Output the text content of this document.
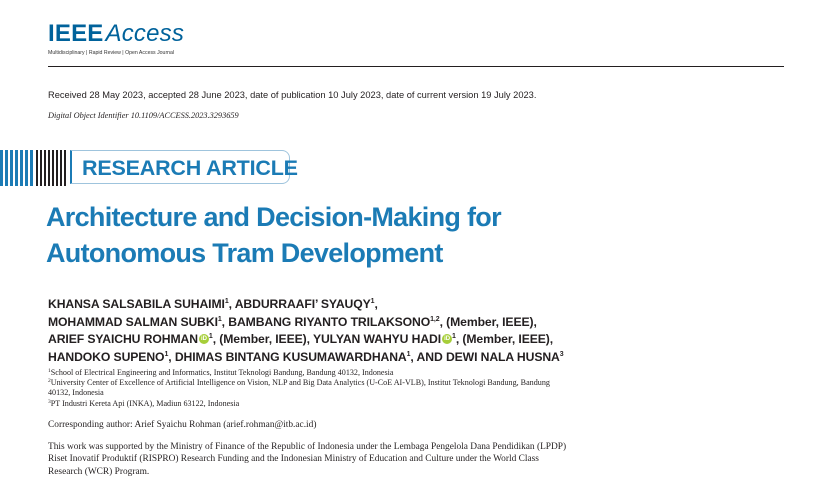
IEEEAccess
Multidisciplinary | Rapid Review | Open Access Journal
Received 28 May 2023, accepted 28 June 2023, date of publication 10 July 2023, date of current version 19 July 2023.
Digital Object Identifier 10.1109/ACCESS.2023.3293659
RESEARCH ARTICLE
Architecture and Decision-Making for
Autonomous Tram Development
KHANSA SALSABILA SUHAIMI$^1$, ABDURRAAFI’ SYAUQY$^1$,
MOHAMMAD SALMAN SUBKI$^1$, BAMBANG RIYANTO TRILAKSONO$^{1,2}$, (Member, IEEE),
ARIEF SYAICHU ROHMAN iD $^1$, (Member, IEEE), YULYAN WAHYU HADI iD $^1$, (Member, IEEE),
HANDOKO SUPENO$^1$, DHIMAS BINTANG KUSUMAWARDHANA$^1$, AND DEWI NALA HUSNA$^3$
$^1$School of Electrical Engineering and Informatics, Institut Teknologi Bandung, Bandung 40132, Indonesia
$^2$University Center of Excellence of Artificial Intelligence on Vision, NLP and Big Data Analytics (U-CoE AI-VLB), Institut Teknologi Bandung, Bandung
40132, Indonesia
$^3$PT Industri Kereta Api (INKA), Madiun 63122, Indonesia
Corresponding author: Arief Syaichu Rohman (arief.rohman@itb.ac.id)
This work was supported by the Ministry of Finance of the Republic of Indonesia under the Lembaga Pengelola Dana Pendidikan (LPDP)
Riset Inovatif Produktif (RISPRO) Research Funding and the Indonesian Ministry of Education and Culture under the World Class
Research (WCR) Program.
